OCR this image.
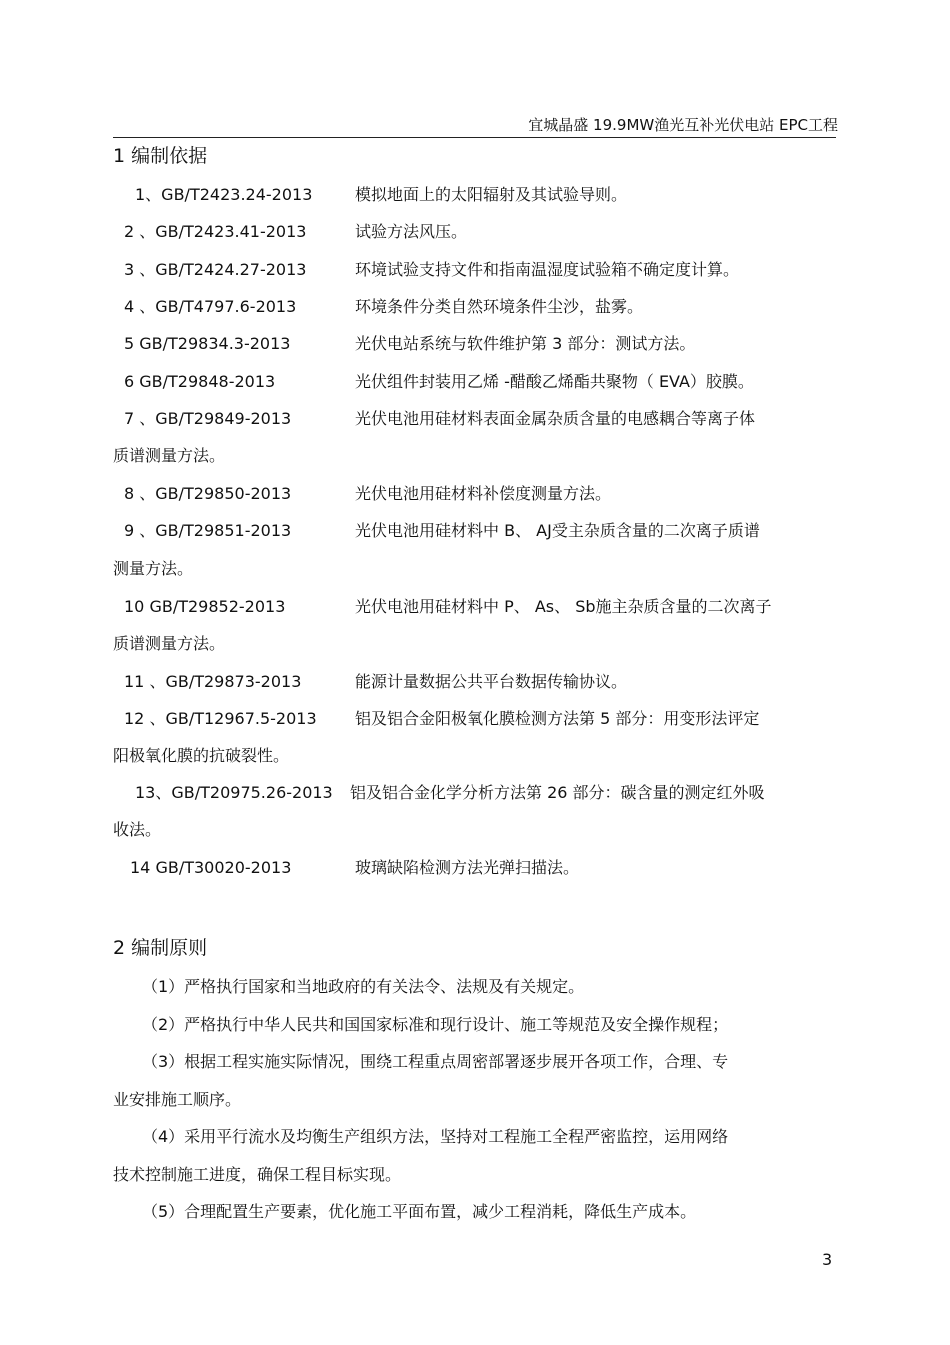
宜城晶盛 19.9MW渔光互补光伏电站 EPC工程
1 编制依据
1、GB/T2423.24-2013	模拟地面上的太阳辐射及其试验导则。
2 、GB/T2423.41-2013	试验方法风压。
3 、GB/T2424.27-2013	环境试验支持文件和指南温湿度试验箱不确定度计算。
4 、GB/T4797.6-2013	环境条件分类自然环境条件尘沙，盐雾。
5 GB/T29834.3-2013	光伏电站系统与软件维护第 3 部分：测试方法。
6 GB/T29848-2013	光伏组件封装用乙烯 -醋酸乙烯酯共聚物（ EVA）胶膜。
7 、GB/T29849-2013	光伏电池用硅材料表面金属杂质含量的电感耦合等离子体
质谱测量方法。
8 、GB/T29850-2013	光伏电池用硅材料补偿度测量方法。
9 、GB/T29851-2013	光伏电池用硅材料中 B、 AJ受主杂质含量的二次离子质谱
测量方法。
10 GB/T29852-2013	光伏电池用硅材料中 P、 As、 Sb施主杂质含量的二次离子
质谱测量方法。
11 、GB/T29873-2013	能源计量数据公共平台数据传输协议。
12 、GB/T12967.5-2013 铝及铝合金阳极氧化膜检测方法第 5 部分：用变形法评定
阳极氧化膜的抗破裂性。
13、GB/T20975.26-2013 铝及铝合金化学分析方法第 26 部分：碳含量的测定红外吸
收法。
14 GB/T30020-2013	玻璃缺陷检测方法光弹扫描法。
2 编制原则
（1）严格执行国家和当地政府的有关法令、法规及有关规定。
（2）严格执行中华人民共和国国家标准和现行设计、施工等规范及安全操作规程；
（3）根据工程实施实际情况，围绕工程重点周密部署逐步展开各项工作，合理、专
业安排施工顺序。
（4）采用平行流水及均衡生产组织方法，坚持对工程施工全程严密监控，运用网络
技术控制施工进度，确保工程目标实现。
（5）合理配置生产要素，优化施工平面布置，减少工程消耗，降低生产成本。
3
